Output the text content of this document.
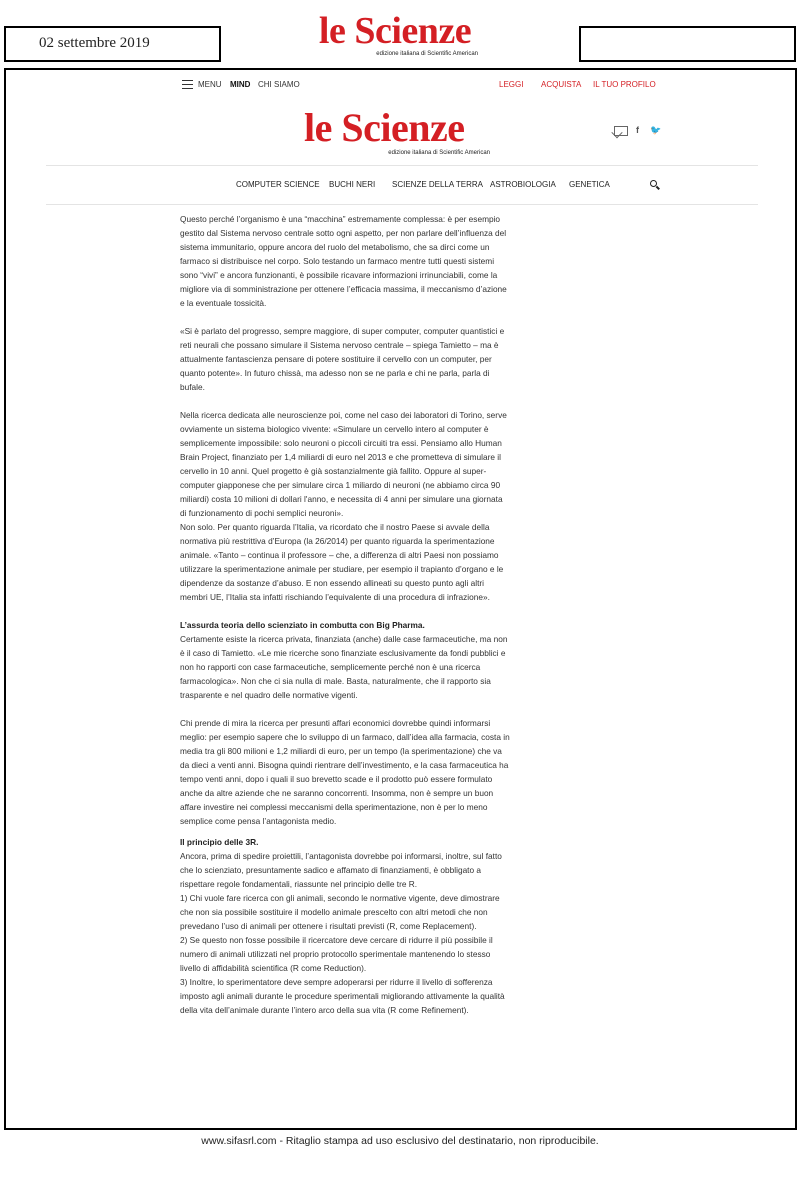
02 settembre 2019	le Scienze
edizione italiana di Scientific American
MENU MIND CHI SIAMO	LEGGI ACQUISTA IL TUO PROFILO
le Scienze
edizione italiana di Scientific American
f 🐦
COMPUTER SCIENCE BUCHI NERI SCIENZE DELLA TERRA ASTROBIOLOGIA GENETICA

Questo perché l’organismo è una “macchina” estremamente complessa: è per esempio gestito dal Sistema nervoso centrale sotto ogni aspetto, per non parlare dell’influenza del sistema immunitario, oppure ancora del ruolo del metabolismo, che sa dirci come un farmaco si distribuisce nel corpo. Solo testando un farmaco mentre tutti questi sistemi sono “vivi” e ancora funzionanti, è possibile ricavare informazioni irrinunciabili, come la migliore via di somministrazione per ottenere l’efficacia massima, il meccanismo d’azione e la eventuale tossicità.

«Si è parlato del progresso, sempre maggiore, di super computer, computer quantistici e reti neurali che possano simulare il Sistema nervoso centrale – spiega Tamietto – ma è attualmente fantascienza pensare di potere sostituire il cervello con un computer, per quanto potente». In futuro chissà, ma adesso non se ne parla e chi ne parla, parla di bufale.

Nella ricerca dedicata alle neuroscienze poi, come nel caso dei laboratori di Torino, serve ovviamente un sistema biologico vivente: «Simulare un cervello intero al computer è semplicemente impossibile: solo neuroni o piccoli circuiti tra essi. Pensiamo allo Human Brain Project, finanziato per 1,4 miliardi di euro nel 2013 e che prometteva di simulare il cervello in 10 anni. Quel progetto è già sostanzialmente già fallito. Oppure al super-computer giapponese che per simulare circa 1 miliardo di neuroni (ne abbiamo circa 90 miliardi) costa 10 milioni di dollari l'anno, e necessita di 4 anni per simulare una giornata di funzionamento di pochi semplici neuroni».

Non solo. Per quanto riguarda l’Italia, va ricordato che il nostro Paese si avvale della normativa più restrittiva d’Europa (la 26/2014) per quanto riguarda la sperimentazione animale. «Tanto – continua il professore – che, a differenza di altri Paesi non possiamo utilizzare la sperimentazione animale per studiare, per esempio il trapianto d’organo e le dipendenze da sostanze d’abuso. E non essendo allineati su questo punto agli altri membri UE, l’Italia sta infatti rischiando l’equivalente di una procedura di infrazione».

L’assurda teoria dello scienziato in combutta con Big Pharma.

Certamente esiste la ricerca privata, finanziata (anche) dalle case farmaceutiche, ma non è il caso di Tamietto. «Le mie ricerche sono finanziate esclusivamente da fondi pubblici e non ho rapporti con case farmaceutiche, semplicemente perché non è una ricerca farmacologica». Non che ci sia nulla di male. Basta, naturalmente, che il rapporto sia trasparente e nel quadro delle normative vigenti.

Chi prende di mira la ricerca per presunti affari economici dovrebbe quindi informarsi meglio: per esempio sapere che lo sviluppo di un farmaco, dall’idea alla farmacia, costa in media tra gli 800 milioni e 1,2 miliardi di euro, per un tempo (la sperimentazione) che va da dieci a venti anni. Bisogna quindi rientrare dell’investimento, e la casa farmaceutica ha tempo venti anni, dopo i quali il suo brevetto scade e il prodotto può essere formulato anche da altre aziende che ne saranno concorrenti. Insomma, non è sempre un buon affare investire nei complessi meccanismi della sperimentazione, non è per lo meno semplice come pensa l’antagonista medio.

Il principio delle 3R.

Ancora, prima di spedire proiettili, l’antagonista dovrebbe poi informarsi, inoltre, sul fatto che lo scienziato, presuntamente sadico e affamato di finanziamenti, è obbligato a rispettare regole fondamentali, riassunte nel principio delle tre R.

1) Chi vuole fare ricerca con gli animali, secondo le normative vigente, deve dimostrare che non sia possibile sostituire il modello animale prescelto con altri metodi che non prevedano l’uso di animali per ottenere i risultati previsti (R, come Replacement).

2) Se questo non fosse possibile il ricercatore deve cercare di ridurre il più possibile il numero di animali utilizzati nel proprio protocollo sperimentale mantenendo lo stesso livello di affidabilità scientifica (R come Reduction).

3) Inoltre, lo sperimentatore deve sempre adoperarsi per ridurre il livello di sofferenza imposto agli animali durante le procedure sperimentali migliorando attivamente la qualità della vita dell’animale durante l’intero arco della sua vita (R come Refinement).

www.sifasrl.com - Ritaglio stampa ad uso esclusivo del destinatario, non riproducibile.
